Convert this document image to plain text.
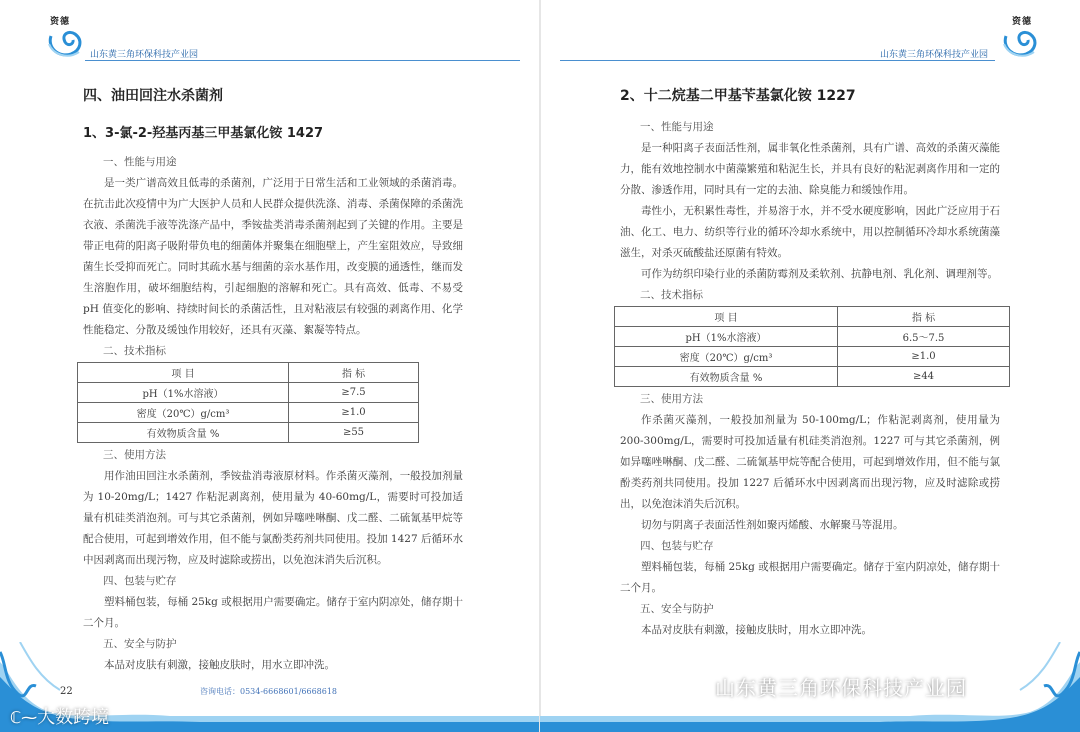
资德
山东黄三角环保科技产业园
四、油田回注水杀菌剂
1、3-氯-2-羟基丙基三甲基氯化铵 1427
一、性能与用途

是一类广谱高效且低毒的杀菌剂，广泛用于日常生活和工业领域的杀菌消毒。在抗击此次疫情中为广大医护人员和人民群众提供洗涤、消毒、杀菌保障的杀菌洗衣液、杀菌洗手液等洗涤产品中，季铵盐类消毒杀菌剂起到了关键的作用。主要是带正电荷的阳离子吸附带负电的细菌体并聚集在细胞壁上，产生室阻效应，导致细菌生长受抑而死亡。同时其疏水基与细菌的亲水基作用，改变膜的通透性，继而发生溶胞作用，破坏细胞结构，引起细胞的溶解和死亡。具有高效、低毒、不易受 pH 值变化的影响、持续时间长的杀菌活性，且对粘液层有较强的剥离作用、化学性能稳定、分散及缓蚀作用较好，还具有灭藻、絮凝等特点。

二、技术指标
项 目	指 标
pH（1%水溶液）	≥7.5
密度（20℃）g/cm³	≥1.0
有效物质含量 %	≥55
三、使用方法

用作油田回注水杀菌剂，季铵盐消毒液原材料。作杀菌灭藻剂，一般投加剂量为 10-20mg/L；1427 作粘泥剥离剂，使用量为 40-60mg/L，需要时可投加适量有机硅类消泡剂。可与其它杀菌剂，例如异噻唑啉酮、戊二醛、二硫氰基甲烷等配合使用，可起到增效作用，但不能与氯酚类药剂共同使用。投加 1427 后循环水中因剥离而出现污物，应及时滤除或捞出，以免泡沫消失后沉积。

四、包装与贮存

塑料桶包装，每桶 25kg 或根据用户需要确定。储存于室内阴凉处，储存期十二个月。

五、安全与防护

本品对皮肤有刺激，接触皮肤时，用水立即冲洗。

22	咨询电话：0534-6668601/6668618
ℂ⁓大数跨境
资德
山东黄三角环保科技产业园
2、十二烷基二甲基苄基氯化铵 1227
一、性能与用途

是一种阳离子表面活性剂，属非氧化性杀菌剂，具有广谱、高效的杀菌灭藻能力，能有效地控制水中菌藻繁殖和粘泥生长，并具有良好的粘泥剥离作用和一定的分散、渗透作用，同时具有一定的去油、除臭能力和缓蚀作用。

毒性小，无积累性毒性，并易溶于水，并不受水硬度影响，因此广泛应用于石油、化工、电力、纺织等行业的循环冷却水系统中，用以控制循环冷却水系统菌藻滋生，对杀灭硫酸盐还原菌有特效。

可作为纺织印染行业的杀菌防霉剂及柔软剂、抗静电剂、乳化剂、调理剂等。

二、技术指标
项 目	指 标
pH（1%水溶液）	6.5～7.5
密度（20℃）g/cm³	≥1.0
有效物质含量 %	≥44
三、使用方法

作杀菌灭藻剂，一般投加剂量为 50-100mg/L；作粘泥剥离剂，使用量为 200-300mg/L，需要时可投加适量有机硅类消泡剂。1227 可与其它杀菌剂，例如异噻唑啉酮、戊二醛、二硫氰基甲烷等配合使用，可起到增效作用，但不能与氯酚类药剂共同使用。投加 1227 后循环水中因剥离而出现污物，应及时滤除或捞出，以免泡沫消失后沉积。

切勿与阴离子表面活性剂如聚丙烯酸、水解聚马等混用。

四、包装与贮存

塑料桶包装，每桶 25kg 或根据用户需要确定。储存于室内阴凉处，储存期十二个月。

五、安全与防护

本品对皮肤有刺激，接触皮肤时，用水立即冲洗。

山东黄三角环保科技产业园
